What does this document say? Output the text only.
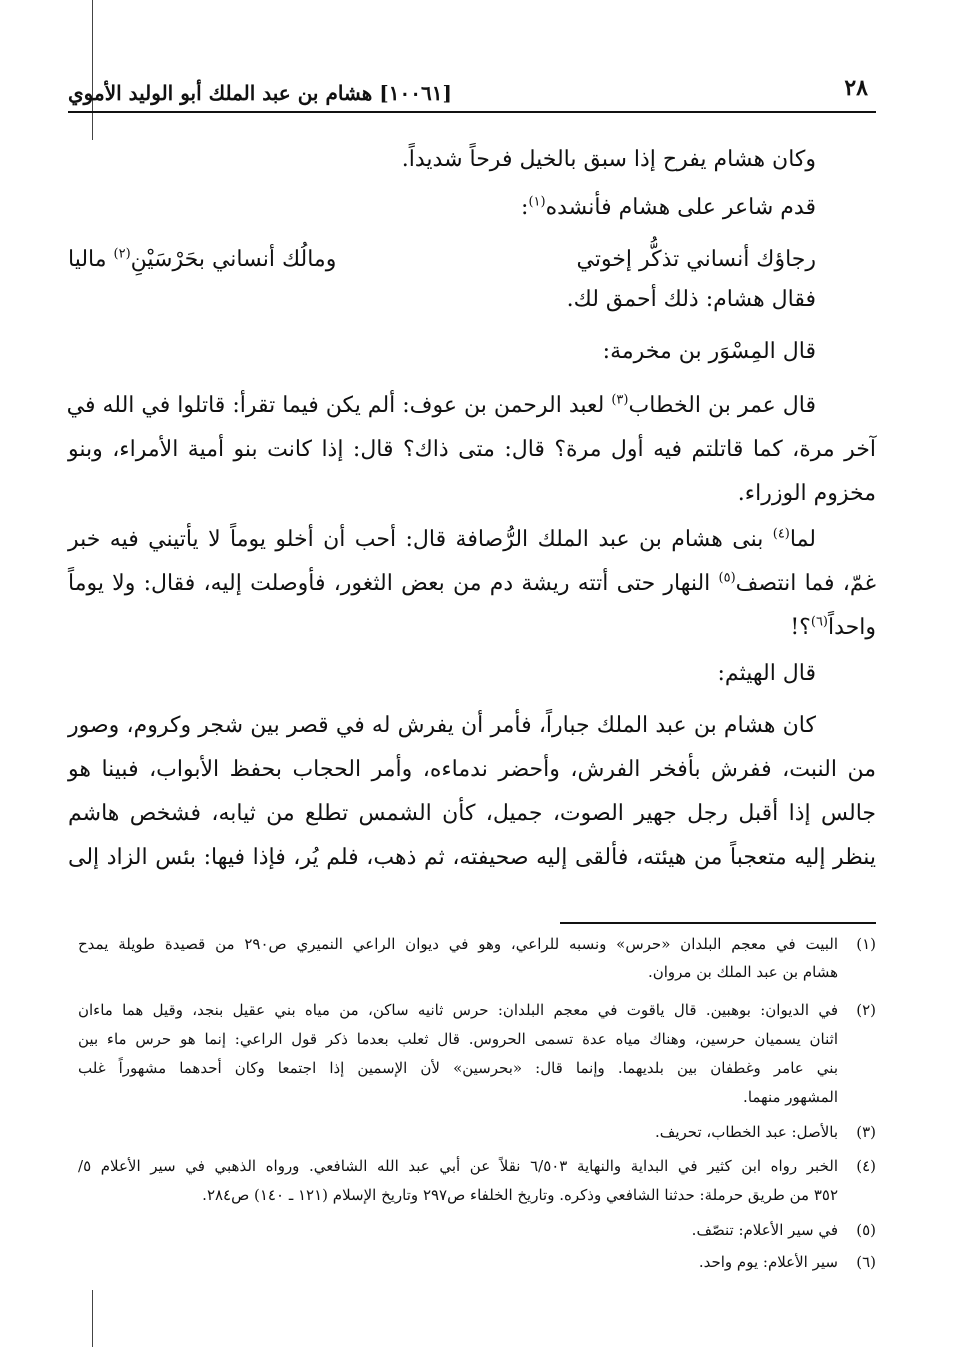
٢٨
[١٠٠٦١] هشام بن عبد الملك أبو الوليد الأموي
وكان هشام يفرح إذا سبق بالخيل فرحاً شديداً.
قدم شاعر على هشام فأنشده$^{(١)}$:
رجاؤك أنساني تذكُّر إخوتي
ومالُك أنساني بحَرْسَيْنِ$^{(٢)}$ ماليا
فقال هشام: ذلك أحمق لك.
قال المِسْوَر بن مخرمة:
قال عمر بن الخطاب$^{(٣)}$ لعبد الرحمن بن عوف: ألم يكن فيما تقرأ: قاتلوا في الله في
آخر مرة، كما قاتلتم فيه أول مرة؟ قال: متى ذاك؟ قال: إذا كانت بنو أمية الأمراء، وبنو
مخزوم الوزراء.
لما$^{(٤)}$ بنى هشام بن عبد الملك الرُّصافة قال: أحب أن أخلو يوماً لا يأتيني فيه خبر
غمّ، فما انتصف$^{(٥)}$ النهار حتى أتته ريشة دم من بعض الثغور، فأوصلت إليه، فقال: ولا يوماً
واحداً$^{(٦)}$؟!
قال الهيثم:
كان هشام بن عبد الملك جباراً، فأمر أن يفرش له في قصر بين شجر وكروم، وصور
من النبت، ففرش بأفخر الفرش، وأحضر ندماءه، وأمر الحجاب بحفظ الأبواب، فبينا هو
جالس إذا أقبل رجل جهير الصوت، جميل، كأن الشمس تطلع من ثيابه، فشخص هاشم
ينظر إليه متعجباً من هيئته، فألقى إليه صحيفته، ثم ذهب، فلم يُر، فإذا فيها: بئس الزاد إلى
(١)
البيت في معجم البلدان «حرس» ونسبه للراعي، وهو في ديوان الراعي النميري ص٢٩٠ من قصيدة طويلة يمدح
هشام بن عبد الملك بن مروان.
(٢)
في الديوان: بوهبين. قال ياقوت في معجم البلدان: حرس ثانيه ساكن، من مياه بني عقيل بنجد، وقيل هما ماءان
اثنان يسميان حرسين، وهناك مياه عدة تسمى الحروس. قال ثعلب بعدما ذكر قول الراعي: إنما هو حرس ماء بين
بني عامر وغطفان بين بلديهما. وإنما قال: «بحرسين» لأن الإسمين إذا اجتمعا وكان أحدهما مشهوراً غلب
المشهور منهما.
(٣)
بالأصل: عبد الخطاب، تحريف.
(٤)
الخبر رواه ابن كثير في البداية والنهاية ٦/٥٠٣ نقلاً عن أبي عبد الله الشافعي. ورواه الذهبي في سير الأعلام ٥/
٣٥٢ من طريق حرملة: حدثنا الشافعي وذكره. وتاريخ الخلفاء ص٢٩٧ وتاريخ الإسلام (١٢١ ـ ١٤٠) ص٢٨٤.
(٥)
في سير الأعلام: تنصّف.
(٦)
سير الأعلام: يوم واحد.
